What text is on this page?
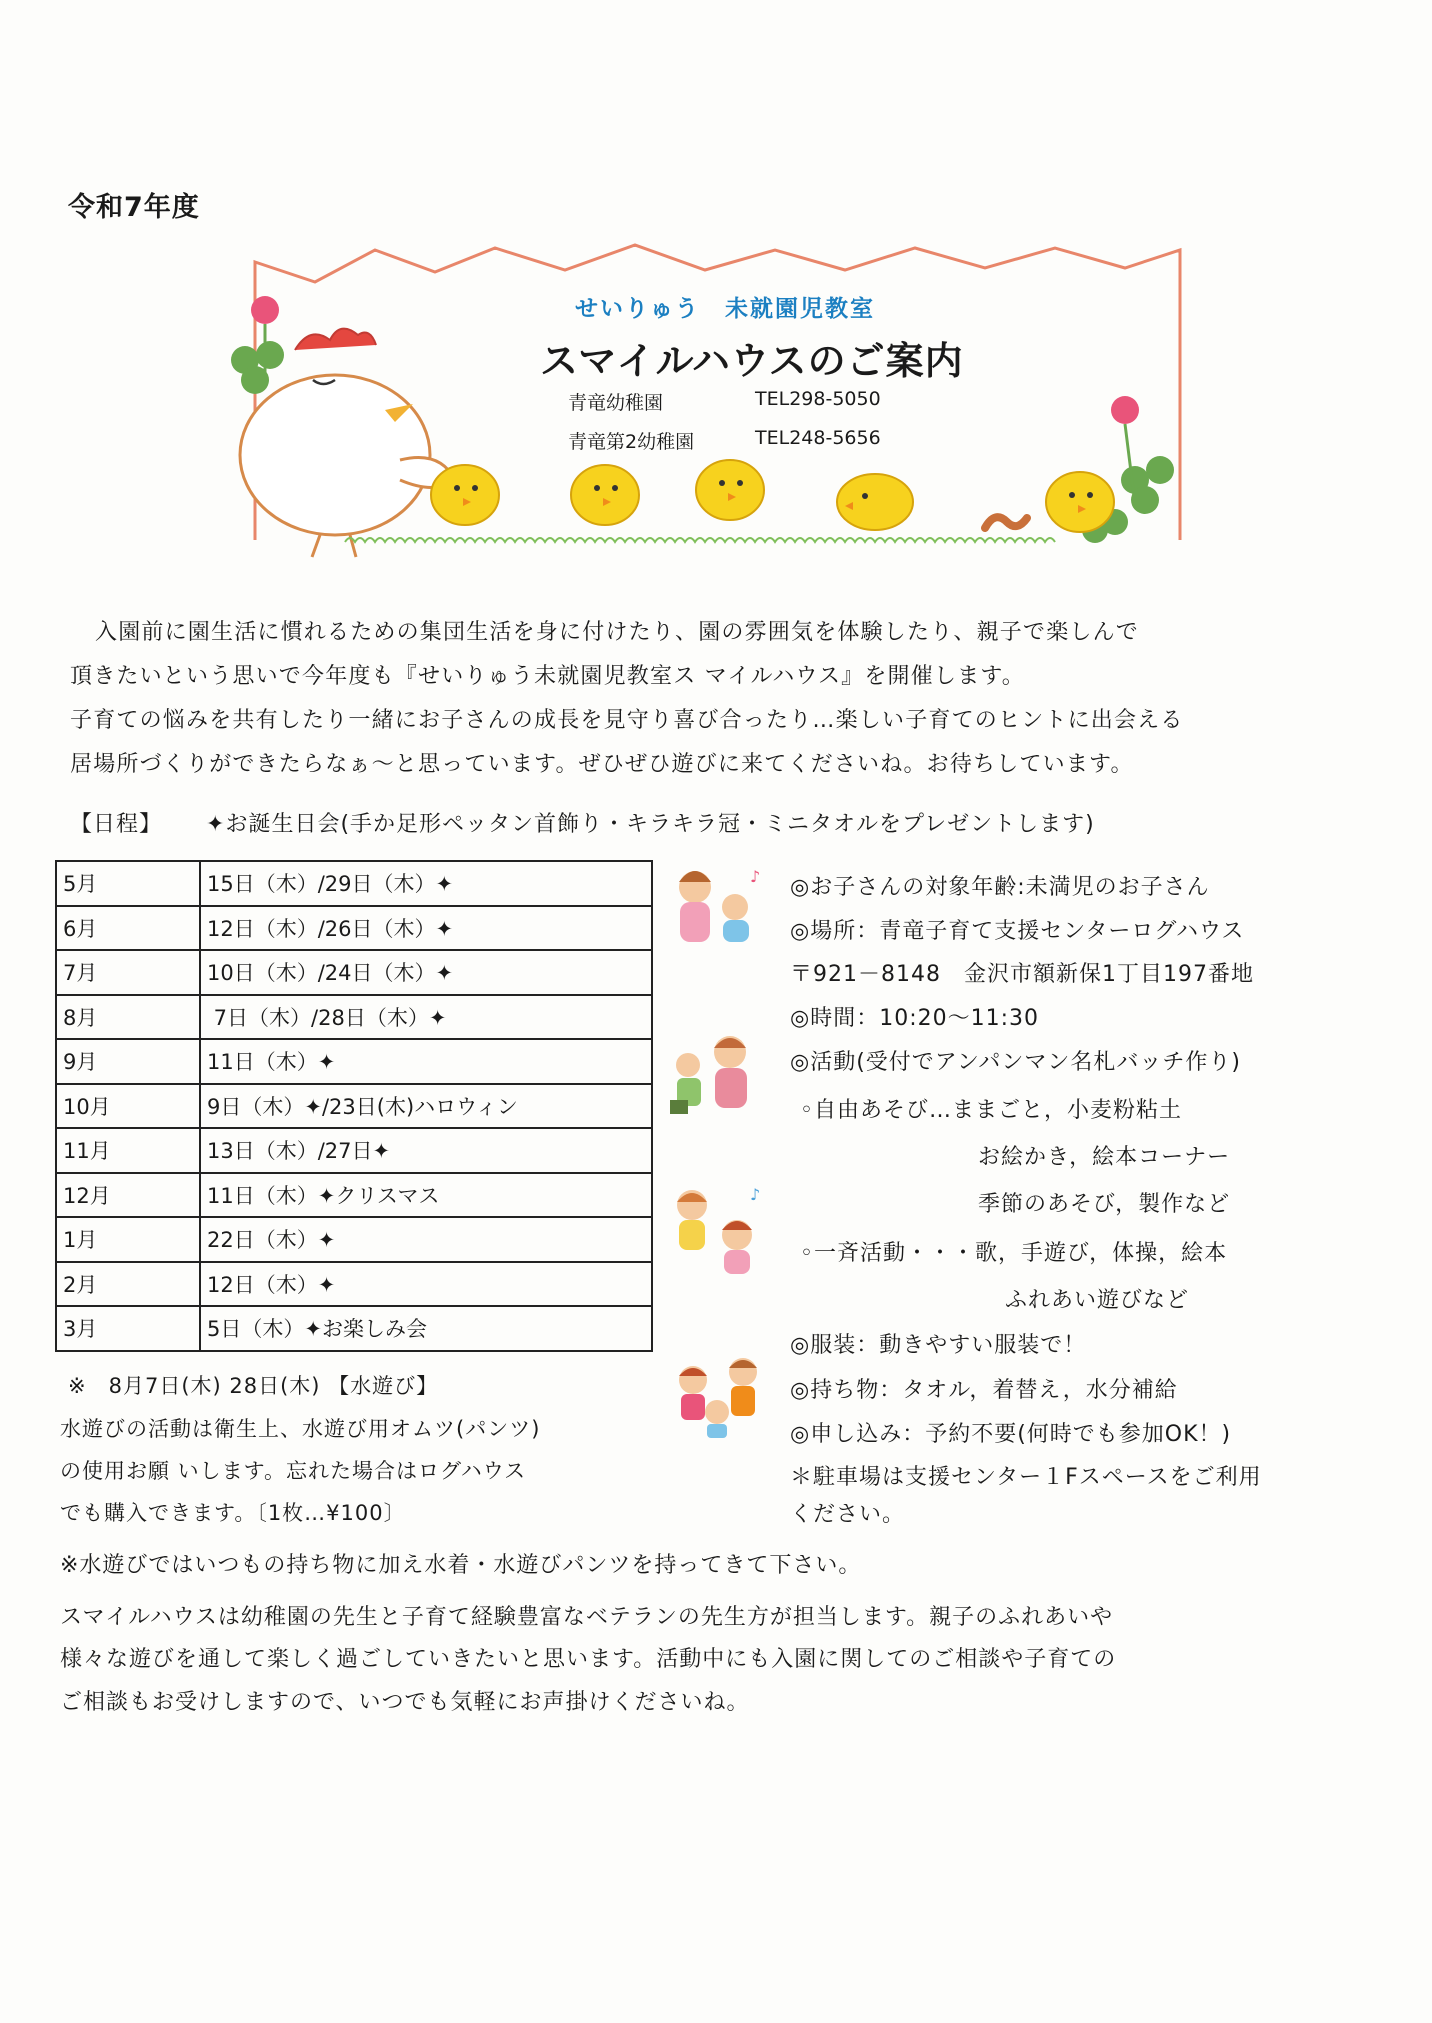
令和7年度
せいりゅう　未就園児教室
スマイルハウスのご案内
青竜幼稚園	TEL298-5050
青竜第2幼稚園	TEL248-5656
入園前に園生活に慣れるための集団生活を身に付けたり、園の雰囲気を体験したり、親子で楽しんで
頂きたいという思いで今年度も『せいりゅう未就園児教室ス マイルハウス』を開催します。
子育ての悩みを共有したり一緒にお子さんの成長を見守り喜び合ったり…楽しい子育てのヒントに出会える
居場所づくりができたらなぁ～と思っています。ぜひぜひ遊びに来てくださいね。お待ちしています。
【日程】 ✦お誕生日会(手か足形ペッタン首飾り・キラキラ冠・ミニタオルをプレゼントします)
5月	15日（木）/29日（木）✦
6月	12日（木）/26日（木）✦
7月	10日（木）/24日（木）✦
8月	7日（木）/28日（木）✦
9月	11日（木）✦
10月	9日（木）✦/23日(木)ハロウィン
11月	13日（木）/27日✦
12月	11日（木）✦クリスマス
1月	22日（木）✦
2月	12日（木）✦
3月	5日（木）✦お楽しみ会
♪
♪
◎お子さんの対象年齢:未満児のお子さん
◎場所：青竜子育て支援センターログハウス
〒921－8148　金沢市額新保1丁目197番地
◎時間：10:20～11:30
◎活動(受付でアンパンマン名札バッチ作り)
◦自由あそび…ままごと，小麦粉粘土
お絵かき，絵本コーナー
季節のあそび，製作など
◦一斉活動・・・歌，手遊び，体操，絵本
ふれあい遊びなど
◎服装：動きやすい服装で！
◎持ち物：タオル，着替え，水分補給
◎申し込み：予約不要(何時でも参加OK！)
＊駐車場は支援センター１Fスペースをご利用
ください。
※　8月7日(木) 28日(木) 【水遊び】
水遊びの活動は衛生上、水遊び用オムツ(パンツ)
の使用お願 いします。忘れた場合はログハウス
でも購入できます。〔1枚…¥100〕
※水遊びではいつもの持ち物に加え水着・水遊びパンツを持ってきて下さい。
スマイルハウスは幼稚園の先生と子育て経験豊富なベテランの先生方が担当します。親子のふれあいや
様々な遊びを通して楽しく過ごしていきたいと思います。活動中にも入園に関してのご相談や子育ての
ご相談もお受けしますので、いつでも気軽にお声掛けくださいね。
